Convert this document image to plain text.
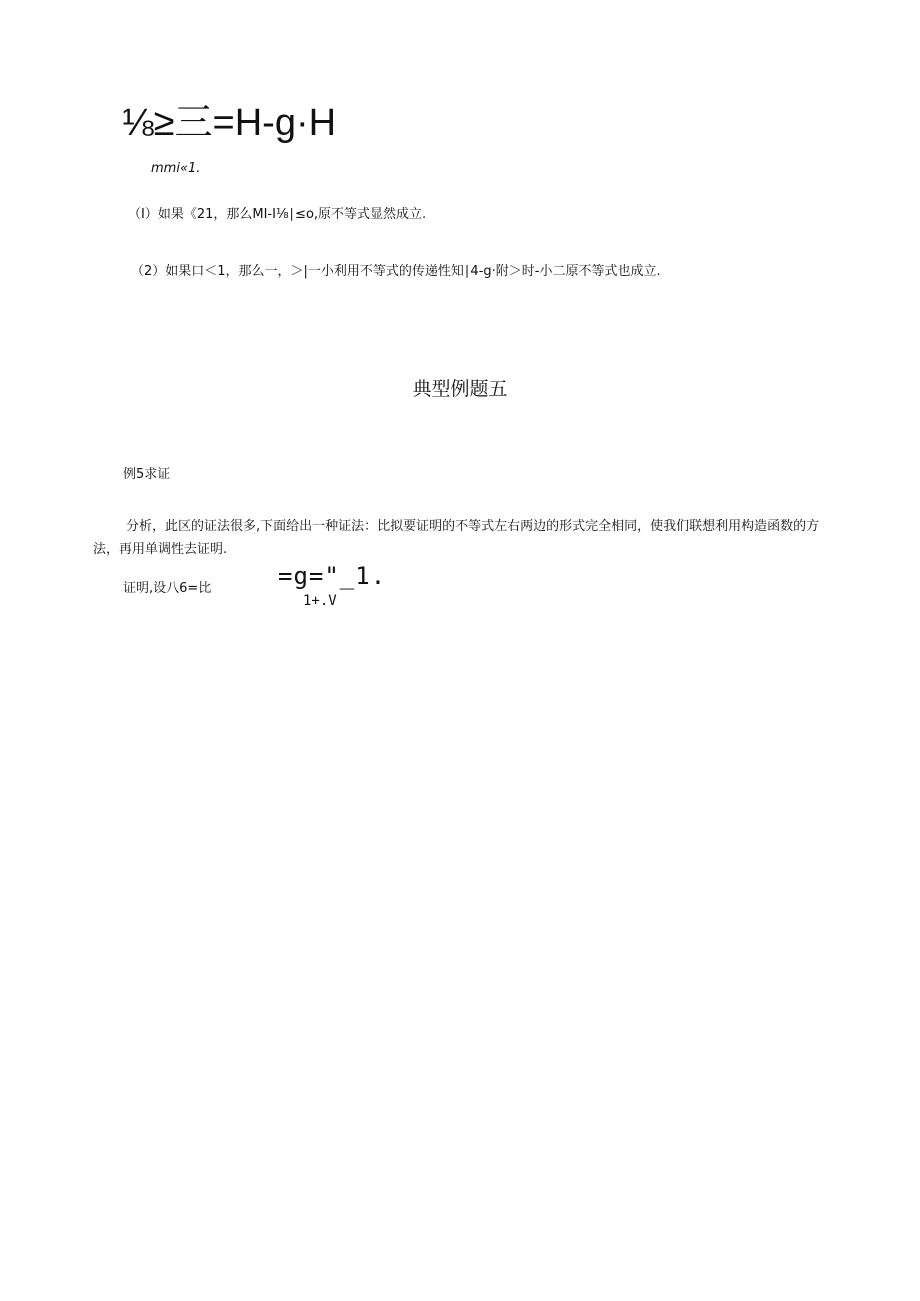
⅛≥三=H-g·H
mmi«1.
（I）如果《21，那么MI-I⅛∣≤o,原不等式显然成立.
（2）如果口＜1，那么一，＞|一小利用不等式的传递性知∣4-g·附＞时-小二原不等式也成立.
典型例题五
例5求证
分析，此区的证法很多,下面给出一种证法：比拟要证明的不等式左右两边的形式完全相同，使我们联想利用构造函数的方法，再用单调性去证明.
证明,设八6=比	=g="_1.
1+.V
